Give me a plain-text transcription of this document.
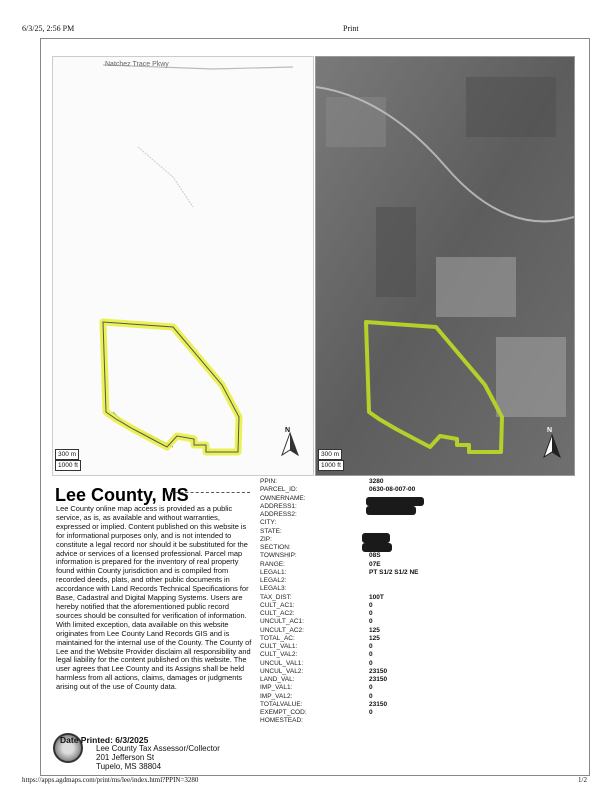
6/3/25, 2:56 PM	Print
Natchez Trace Pkwy
N
300 m
1000 ft
N
300 m
1000 ft
Lee County, MS
Lee County online map access is provided as a public service, as is, as available and without warranties, expressed or implied. Content published on this website is for informational purposes only, and is not intended to constitute a legal record nor should it be substituted for the advice or services of a licensed professional. Parcel map information is prepared for the inventory of real property found within County jurisdiction and is compiled from recorded deeds, plats, and other public documents in accordance with Land Records Technical Specifications for Base, Cadastral and Digital Mapping Systems. Users are hereby notified that the aforementioned public record sources should be consulted for verification of information. With limited exception, data available on this website originates from Lee County Land Records GIS and is maintained for the internal use of the County. The County of Lee and the Website Provider disclaim all responsibility and legal liability for the content published on this website. The user agrees that Lee County and its Assigns shall be held harmless from all actions, claims, damages or judgments arising out of the use of County data.
PPIN:	3280
PARCEL_ID:	0630-08-007-00
OWNERNAME:
ADDRESS1:
ADDRESS2:
CITY:
STATE:
ZIP:
SECTION:
TOWNSHIP:	08S
RANGE:	07E
LEGAL1:	PT S1/2 S1/2 NE
LEGAL2:
LEGAL3:
TAX_DIST:	100T
CULT_AC1:	0
CULT_AC2:	0
UNCULT_AC1:	0
UNCULT_AC2:	125
TOTAL_AC:	125
CULT_VAL1:	0
CULT_VAL2:	0
UNCUL_VAL1:	0
UNCUL_VAL2:	23150
LAND_VAL:	23150
IMP_VAL1:	0
IMP_VAL2:	0
TOTALVALUE:	23150
EXEMPT_COD:	0
HOMESTEAD:
Date Printed: 6/3/2025
Lee County Tax Assessor/Collector
201 Jefferson St
Tupelo, MS 38804
https://apps.agdmaps.com/print/ms/lee/index.html?PPIN=3280	1/2
